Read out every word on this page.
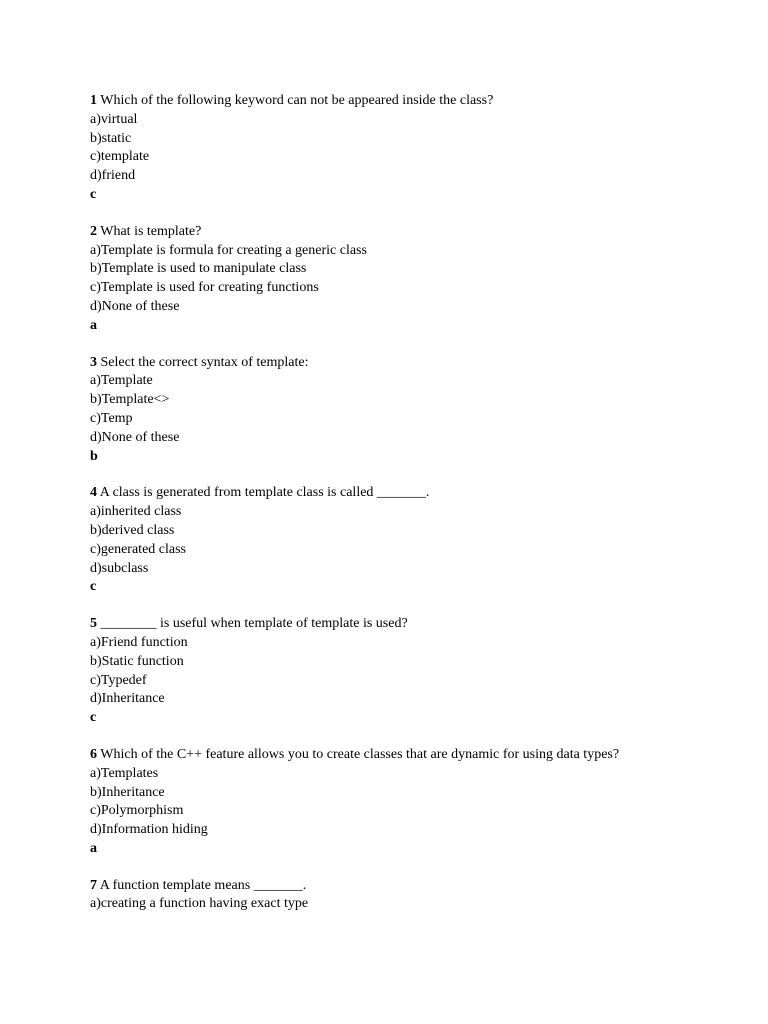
1 Which of the following keyword can not be appeared inside the class?
a)virtual
b)static
c)template
d)friend
c
2 What is template?
a)Template is formula for creating a generic class
b)Template is used to manipulate class
c)Template is used for creating functions
d)None of these
a
3 Select the correct syntax of template:
a)Template
b)Template<>
c)Temp
d)None of these
b
4 A class is generated from template class is called _______.
a)inherited class
b)derived class
c)generated class
d)subclass
c
5 ________ is useful when template of template is used?
a)Friend function
b)Static function
c)Typedef
d)Inheritance
c
6 Which of the C++ feature allows you to create classes that are dynamic for using data types?
a)Templates
b)Inheritance
c)Polymorphism
d)Information hiding
a
7 A function template means _______.
a)creating a function having exact type
